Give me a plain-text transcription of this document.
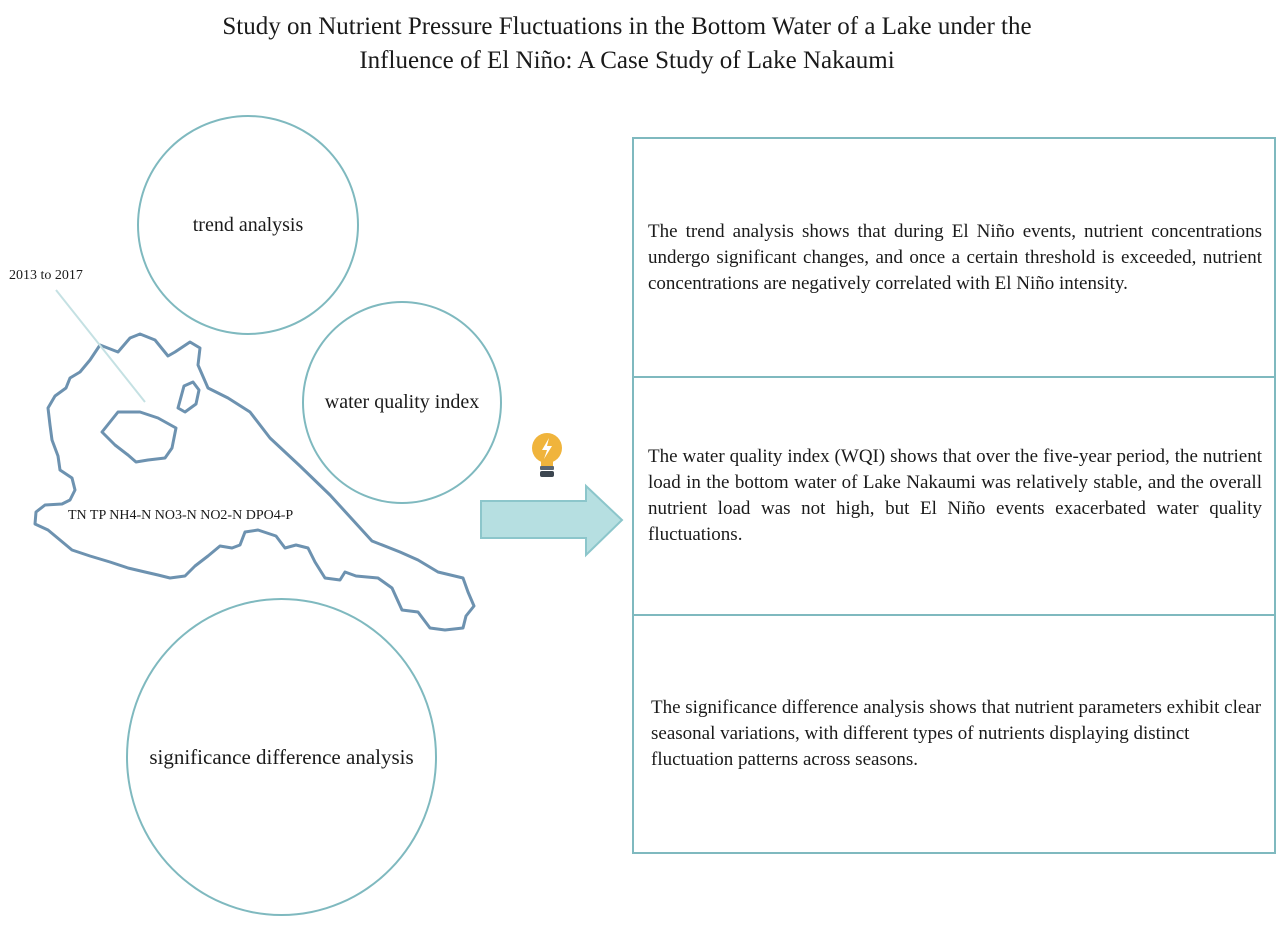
Study on Nutrient Pressure Fluctuations in the Bottom Water of a Lake under the
Influence of El Niño: A Case Study of Lake Nakaumi
trend analysis
water quality index
significance difference analysis
2013 to 2017
TN TP NH4-N NO3-N NO2-N DPO4-P

The trend analysis shows that during El Niño events, nutrient concentrations undergo significant changes, and once a certain threshold is exceeded, nutrient concentrations are negatively correlated with El Niño intensity.

The water quality index (WQI) shows that over the five-year period, the nutrient load in the bottom water of Lake Nakaumi was relatively stable, and the overall nutrient load was not high, but El Niño events exacerbated water quality fluctuations.

The significance difference analysis shows that nutrient parameters exhibit clear seasonal variations, with different types of nutrients displaying distinct fluctuation patterns across seasons.
